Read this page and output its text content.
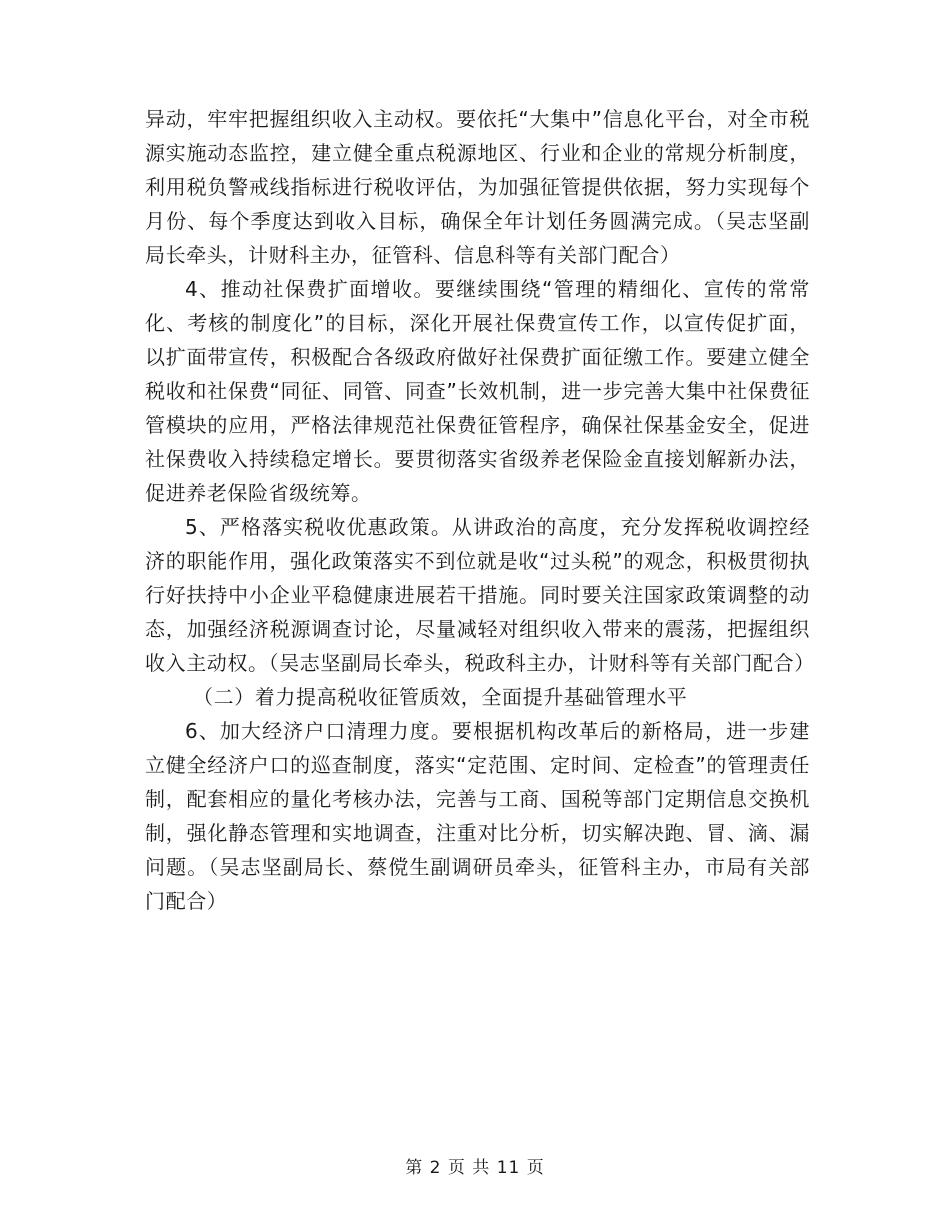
异动，牢牢把握组织收入主动权。要依托“大集中”信息化平台，对全市税源实施动态监控，建立健全重点税源地区、行业和企业的常规分析制度，利用税负警戒线指标进行税收评估，为加强征管提供依据，努力实现每个月份、每个季度达到收入目标，确保全年计划任务圆满完成。（吴志坚副局长牵头，计财科主办，征管科、信息科等有关部门配合）

4、推动社保费扩面增收。要继续围绕“管理的精细化、宣传的常常化、考核的制度化”的目标，深化开展社保费宣传工作，以宣传促扩面，以扩面带宣传，积极配合各级政府做好社保费扩面征缴工作。要建立健全税收和社保费“同征、同管、同查”长效机制，进一步完善大集中社保费征管模块的应用，严格法律规范社保费征管程序，确保社保基金安全，促进社保费收入持续稳定增长。要贯彻落实省级养老保险金直接划解新办法，促进养老保险省级统筹。

5、严格落实税收优惠政策。从讲政治的高度，充分发挥税收调控经济的职能作用，强化政策落实不到位就是收“过头税”的观念，积极贯彻执行好扶持中小企业平稳健康进展若干措施。同时要关注国家政策调整的动态，加强经济税源调查讨论，尽量减轻对组织收入带来的震荡，把握组织收入主动权。（吴志坚副局长牵头，税政科主办，计财科等有关部门配合）

（二）着力提高税收征管质效，全面提升基础管理水平

6、加大经济户口清理力度。要根据机构改革后的新格局，进一步建立健全经济户口的巡查制度，落实“定范围、定时间、定检查”的管理责任制，配套相应的量化考核办法，完善与工商、国税等部门定期信息交换机制，强化静态管理和实地调查，注重对比分析，切实解决跑、冒、滴、漏问题。（吴志坚副局长、蔡傥生副调研员牵头，征管科主办，市局有关部门配合）

第 2 页 共 11 页
